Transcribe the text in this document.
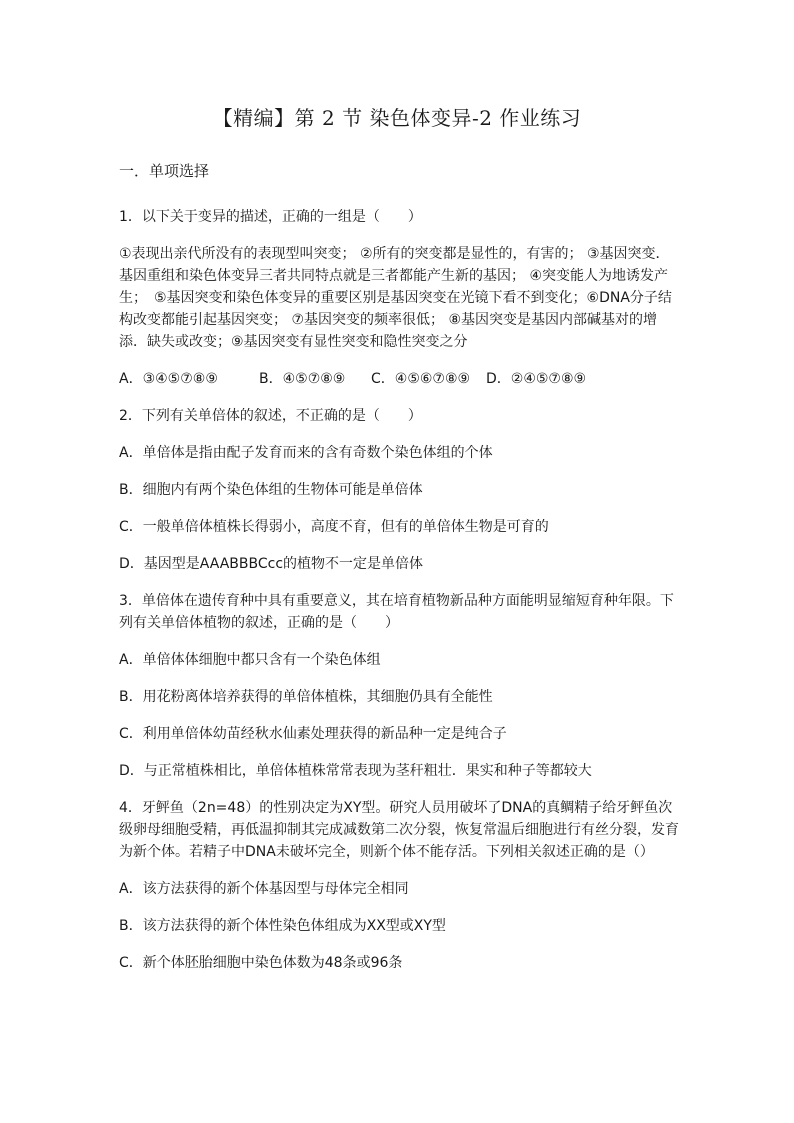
【精编】第 2 节 染色体变异-2 作业练习
一．单项选择

1．以下关于变异的描述，正确的一组是（　　）

①表现出亲代所没有的表现型叫突变； ②所有的突变都是显性的，有害的； ③基因突变．基因重组和染色体变异三者共同特点就是三者都能产生新的基因； ④突变能人为地诱发产生；　⑤基因突变和染色体变异的重要区别是基因突变在光镜下看不到变化；⑥DNA分子结构改变都能引起基因突变； ⑦基因突变的频率很低； ⑧基因突变是基因内部碱基对的增添．缺失或改变；⑨基因突变有显性突变和隐性突变之分

A．③④⑤⑦⑧⑨	B．④⑤⑦⑧⑨ C．④⑤⑥⑦⑧⑨ D．②④⑤⑦⑧⑨

2．下列有关单倍体的叙述，不正确的是（　　）

A．单倍体是指由配子发育而来的含有奇数个染色体组的个体

B．细胞内有两个染色体组的生物体可能是单倍体

C．一般单倍体植株长得弱小，高度不育，但有的单倍体生物是可育的

D．基因型是AAABBBCcc的植物不一定是单倍体

3．单倍体在遗传育种中具有重要意义，其在培育植物新品种方面能明显缩短育种年限。下列有关单倍体植物的叙述，正确的是（　　）

A．单倍体体细胞中都只含有一个染色体组

B．用花粉离体培养获得的单倍体植株，其细胞仍具有全能性

C．利用单倍体幼苗经秋水仙素处理获得的新品种一定是纯合子

D．与正常植株相比，单倍体植株常常表现为茎秆粗壮．果实和种子等都较大

4．牙鲆鱼（2n=48）的性别决定为XY型。研究人员用破坏了DNA的真鲷精子给牙鲆鱼次级卵母细胞受精，再低温抑制其完成减数第二次分裂，恢复常温后细胞进行有丝分裂，发育为新个体。若精子中DNA未破坏完全，则新个体不能存活。下列相关叙述正确的是（）

A．该方法获得的新个体基因型与母体完全相同

B．该方法获得的新个体性染色体组成为XX型或XY型

C．新个体胚胎细胞中染色体数为48条或96条
